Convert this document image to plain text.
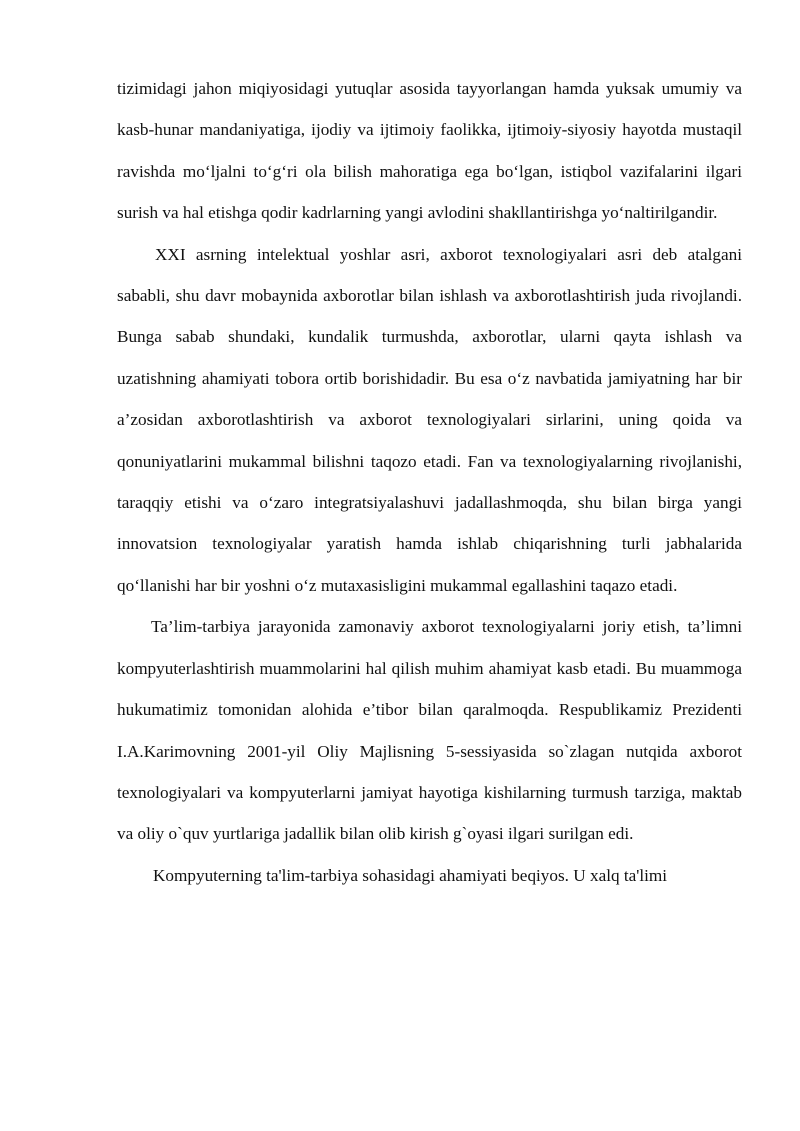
tizimidagi jahon miqiyosidagi yutuqlar asosida tayyorlangan hamda yuksak umumiy va kasb-hunar mandaniyatiga, ijodiy va ijtimoiy faolikka, ijtimoiy-siyosiy hayotda mustaqil ravishda mo‘ljalni to‘g‘ri ola bilish mahoratiga ega bo‘lgan, istiqbol vazifalarini ilgari surish va hal etishga qodir kadrlarning yangi avlodini shakllantirishga yo‘naltirilgandir.

XXI asrning intelektual yoshlar asri, axborot texnologiyalari asri deb atalgani sababli, shu davr mobaynida axborotlar bilan ishlash va axborotlashtirish juda rivojlandi. Bunga sabab shundaki, kundalik turmushda, axborotlar, ularni qayta ishlash va uzatishning ahamiyati tobora ortib borishidadir. Bu esa o‘z navbatida jamiyatning har bir a’zosidan axborotlashtirish va axborot texnologiyalari sirlarini, uning qoida va qonuniyatlarini mukammal bilishni taqozo etadi. Fan va texnologiyalarning rivojlanishi, taraqqiy etishi va o‘zaro integratsiyalashuvi jadallashmoqda, shu bilan birga yangi innovatsion texnologiyalar yaratish hamda ishlab chiqarishning turli jabhalarida qo‘llanishi har bir yoshni o‘z mutaxasisligini mukammal egallashini taqazo etadi.

Ta’lim-tarbiya jarayonida zamonaviy axborot texnologiyalarni joriy etish, ta’limni kompyuterlashtirish muammolarini hal qilish muhim ahamiyat kasb etadi. Bu muammoga hukumatimiz tomonidan alohida e’tibor bilan qaralmoqda. Respublikamiz Prezidenti I.A.Karimovning 2001-yil Oliy Majlisning 5-sessiyasida so`zlagan nutqida axborot texnologiyalari va kompyuterlarni jamiyat hayotiga kishilarning turmush tarziga, maktab va oliy o`quv yurtlariga jadallik bilan olib kirish g`oyasi ilgari surilgan edi.

Kompyuterning ta'lim-tarbiya sohasidagi ahamiyati beqiyos. U xalq ta'limi
